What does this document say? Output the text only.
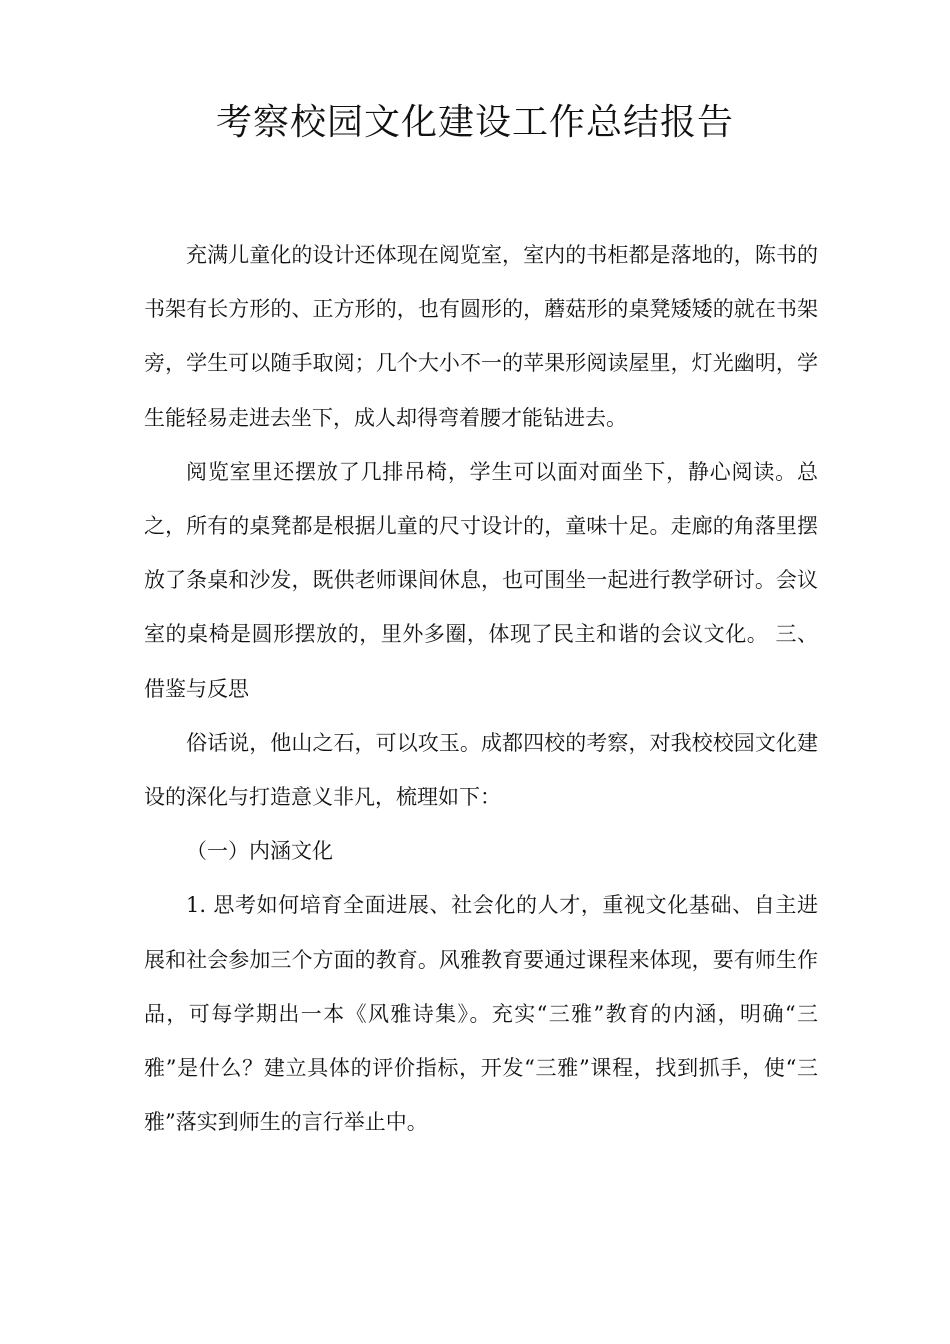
考察校园文化建设工作总结报告

充满儿童化的设计还体现在阅览室，室内的书柜都是落地的，陈书的书架有长方形的、正方形的，也有圆形的，蘑菇形的桌凳矮矮的就在书架旁，学生可以随手取阅；几个大小不一的苹果形阅读屋里，灯光幽明，学生能轻易走进去坐下，成人却得弯着腰才能钻进去。

阅览室里还摆放了几排吊椅，学生可以面对面坐下，静心阅读。总之，所有的桌凳都是根据儿童的尺寸设计的，童味十足。走廊的角落里摆放了条桌和沙发，既供老师课间休息，也可围坐一起进行教学研讨。会议室的桌椅是圆形摆放的，里外多圈，体现了民主和谐的会议文化。 三、借鉴与反思

俗话说，他山之石，可以攻玉。成都四校的考察，对我校校园文化建设的深化与打造意义非凡，梳理如下：

（一）内涵文化

1. 思考如何培育全面进展、社会化的人才，重视文化基础、自主进展和社会参加三个方面的教育。风雅教育要通过课程来体现，要有师生作品，可每学期出一本《风雅诗集》。充实“三雅”教育的内涵，明确“三雅”是什么？建立具体的评价指标，开发“三雅”课程，找到抓手，使“三雅”落实到师生的言行举止中。
